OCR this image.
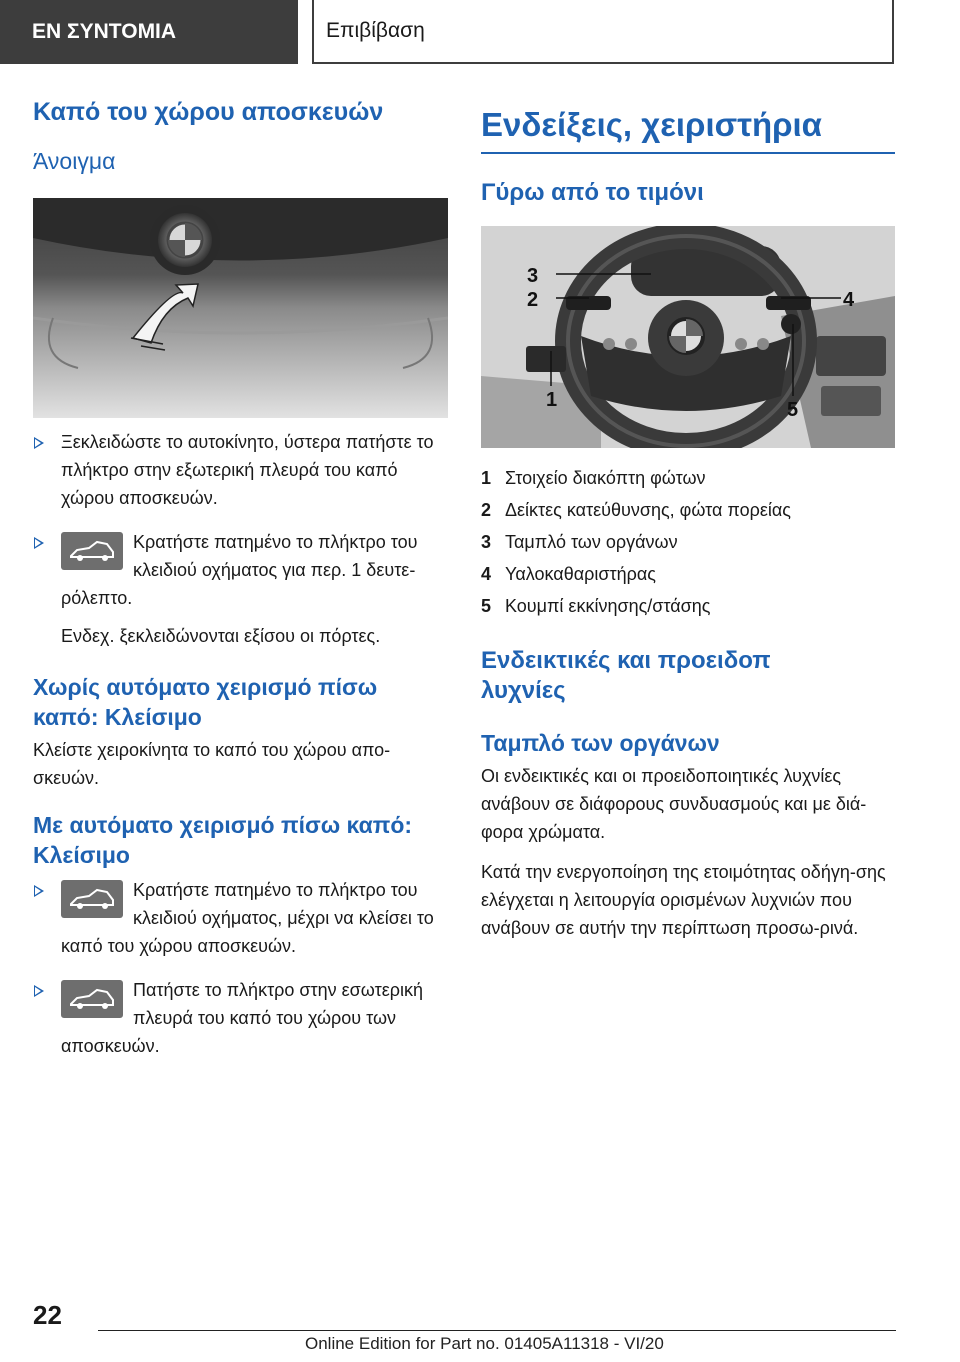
EN ΣΥΝΤΟΜΙΑ	Επιβίβαση
Καπό του χώρου αποσκευών
Άνοιγμα
Ξεκλειδώστε το αυτοκίνητο, ύστερα πατήστε το πλήκτρο στην εξωτερική πλευρά του καπό χώρου αποσκευών.
Κρατήστε πατημένο το πλήκτρο του κλειδιού οχήματος για περ. 1 δευτε-ρόλεπτο.
Ενδεχ. ξεκλειδώνονται εξίσου οι πόρτες.
Χωρίς αυτόματο χειρισμό πίσω καπό: Κλείσιμο

Κλείστε χειροκίνητα το καπό του χώρου απο-σκευών.

Με αυτόματο χειρισμό πίσω καπό: Κλείσιμο
Κρατήστε πατημένο το πλήκτρο του κλειδιού οχήματος, μέχρι να κλείσει το καπό του χώρου αποσκευών.
Πατήστε το πλήκτρο στην εσωτερική πλευρά του καπό του χώρου των αποσκευών.
Ενδείξεις, χειριστήρια
Γύρω από το τιμόνι
3
2
1
4
5
1 Στοιχείο διακόπτη φώτων
2 Δείκτες κατεύθυνσης, φώτα πορείας
3 Ταμπλό των οργάνων
4 Υαλοκαθαριστήρας
5 Κουμπί εκκίνησης/στάσης
Ενδεικτικές και προειδοπ λυχνίες
Ταμπλό των οργάνων

Οι ενδεικτικές και οι προειδοποιητικές λυχνίες ανάβουν σε διάφορους συνδυασμούς και με διά-φορα χρώματα.

Κατά την ενεργοποίηση της ετοιμότητας οδήγη-σης ελέγχεται η λειτουργία ορισμένων λυχνιών που ανάβουν σε αυτήν την περίπτωση προσω-ρινά.

22
Online Edition for Part no. 01405A11318 - VI/20
